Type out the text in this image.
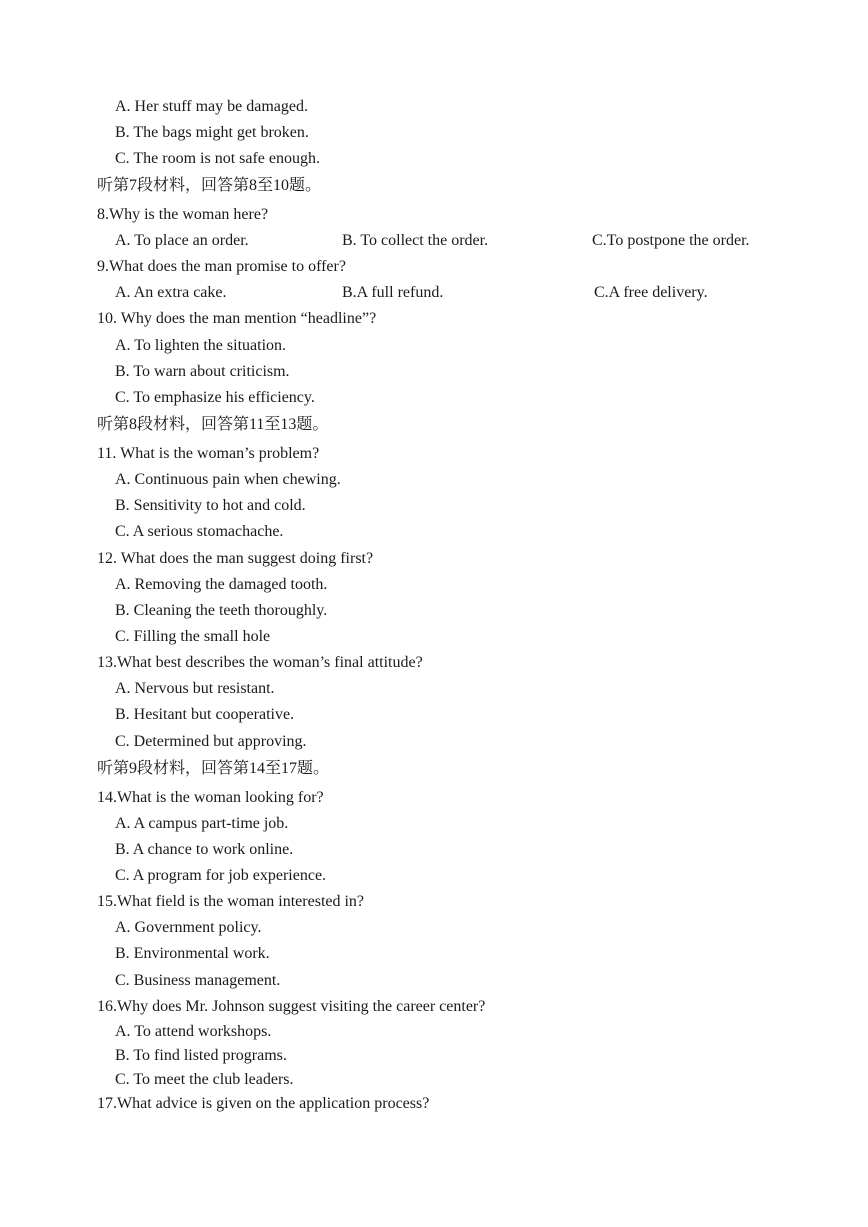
A. Her stuff may be damaged.
B. The bags might get broken.
C. The room is not safe enough.
听第7段材料，回答第8至10题。
8.Why is the woman here?
A. To place an order.	B. To collect the order.	C.To postpone the order.
9.What does the man promise to offer?
A. An extra cake.	B.A full refund.	C.A free delivery.
10. Why does the man mention “headline”?
A. To lighten the situation.
B. To warn about criticism.
C. To emphasize his efficiency.
听第8段材料，回答第11至13题。
11. What is the woman’s problem?
A. Continuous pain when chewing.
B. Sensitivity to hot and cold.
C. A serious stomachache.
12. What does the man suggest doing first?
A. Removing the damaged tooth.
B. Cleaning the teeth thoroughly.
C. Filling the small hole
13.What best describes the woman’s final attitude?
A. Nervous but resistant.
B. Hesitant but cooperative.
C. Determined but approving.
听第9段材料，回答第14至17题。
14.What is the woman looking for?
A. A campus part-time job.
B. A chance to work online.
C. A program for job experience.
15.What field is the woman interested in?
A. Government policy.
B. Environmental work.
C. Business management.
16.Why does Mr. Johnson suggest visiting the career center?
A. To attend workshops.
B. To find listed programs.
C. To meet the club leaders.
17.What advice is given on the application process?
